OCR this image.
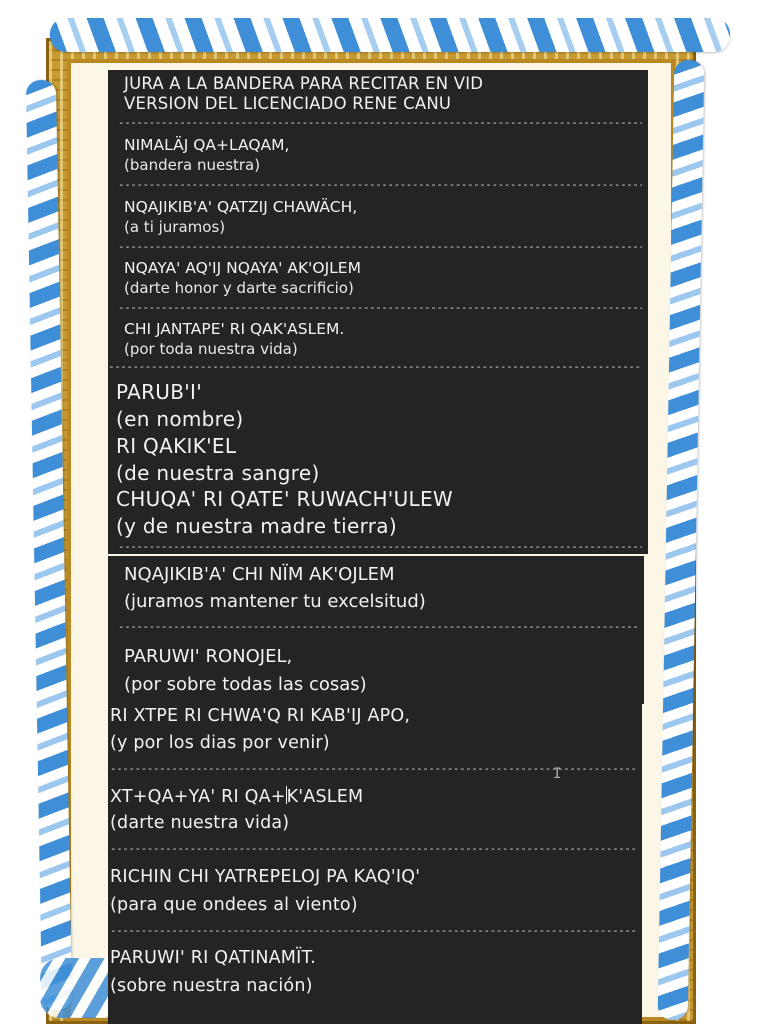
JURA A LA BANDERA PARA RECITAR EN VID

VERSION DEL LICENCIADO RENE CANU

-----

NIMALÄJ QA+LAQAM,

(bandera nuestra)

-----

NQAJIKIB'A' QATZIJ CHAWÄCH,

(a ti juramos)

-----

NQAYA' AQ'IJ NQAYA' AK'OJLEM

(darte honor y darte sacrificio)

-----

CHI JANTAPE' RI QAK'ASLEM.

(por toda nuestra vida)

-----

PARUB'I'

(en nombre)

RI QAKIK'EL

(de nuestra sangre)

CHUQA' RI QATE' RUWACH'ULEW

(y de nuestra madre tierra)

-----

NQAJIKIB'A' CHI NÏM AK'OJLEM

(juramos mantener tu excelsitud)

-----

PARUWI' RONOJEL,

(por sobre todas las cosas)

RI XTPE RI CHWA'Q RI KAB'IJ APO,

(y por los dias por venir)

-----

XT+QA+YA' RI QA+K'ASLEM

(darte nuestra vida)

-----

RICHIN CHI YATREPELOJ PA KAQ'IQ'

(para que ondees al viento)

-----

PARUWI' RI QATINAMÏT.

(sobre nuestra nación)

I
